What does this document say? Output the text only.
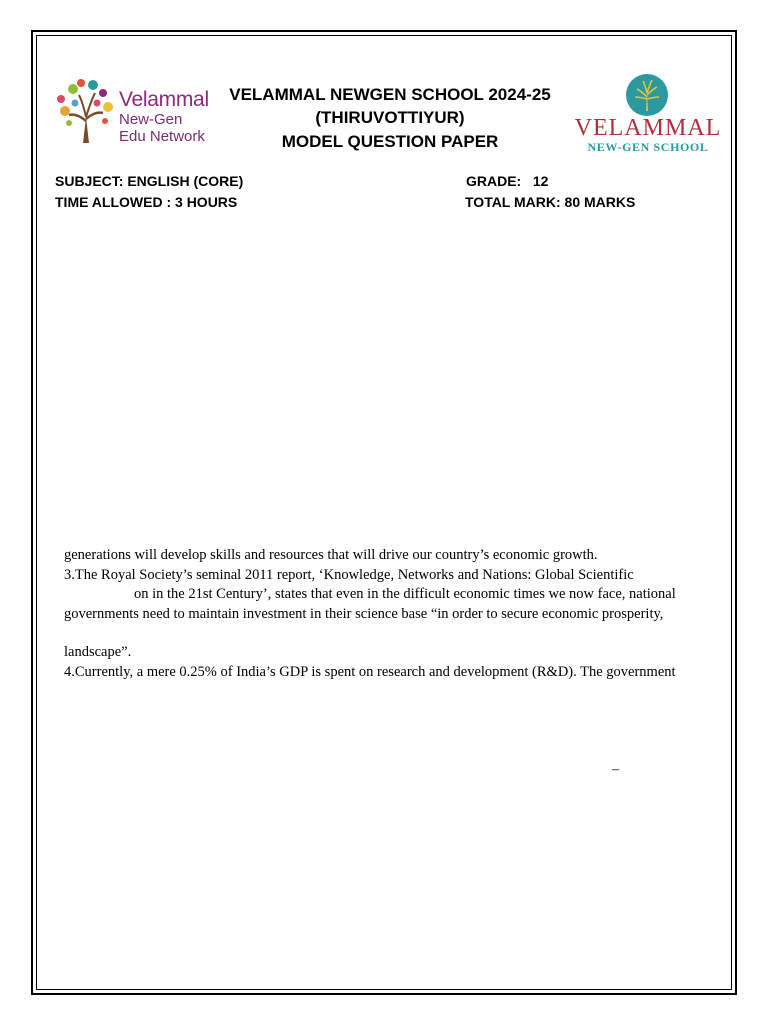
Velammal
New-Gen
Edu Network	VELAMMAL
NEW-GEN SCHOOL
VELAMMAL NEWGEN SCHOOL 2024-25
(THIRUVOTTIYUR)
MODEL QUESTION PAPER
SUBJECT: ENGLISH (CORE)	GRADE:   12
TIME ALLOWED : 3 HOURS	TOTAL MARK: 80 MARKS
generations will develop skills and resources that will drive our country’s economic growth.
3.The Royal Society’s seminal 2011 report, ‘Knowledge, Networks and Nations: Global Scientific
on in the 21st Century’, states that even in the difficult economic times we now face, national
governments need to maintain investment in their science base “in order to secure economic prosperity,
landscape”.
4.Currently, a mere 0.25% of India’s GDP is spent on research and development (R&D). The government
–
